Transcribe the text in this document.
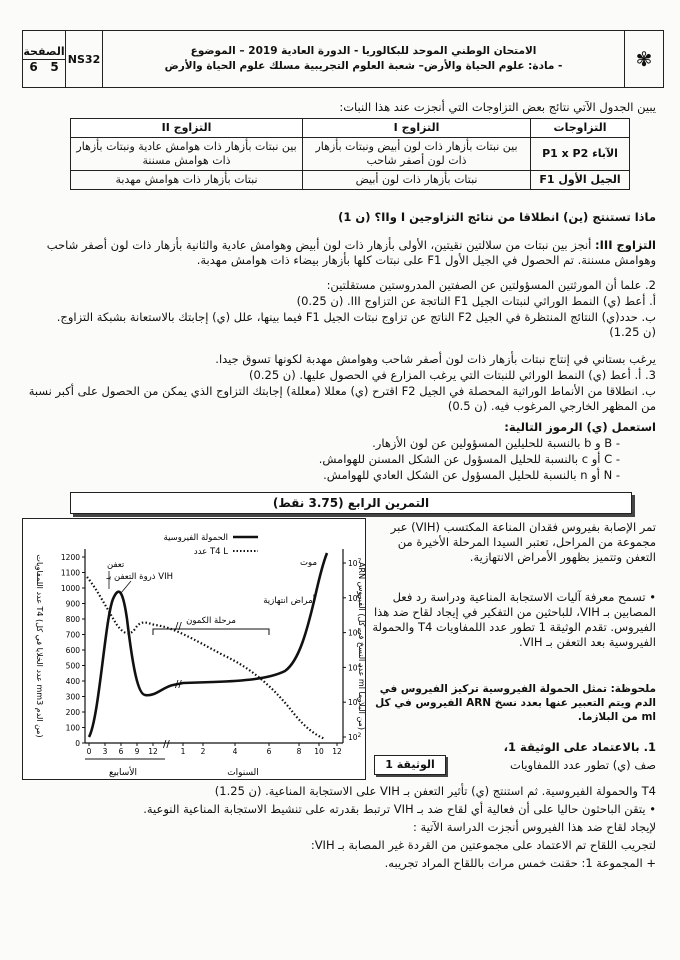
الصفحة
6 5
NS32
الامتحان الوطني الموحد للبكالوريا - الدورة العادية 2019 – الموضوع
- مادة: علوم الحياة والأرض– شعبة العلوم التجريبية مسلك علوم الحياة والأرض	✾
يبين الجدول الآتي نتائج بعض التزاوجات التي أنجزت عند هذا النبات:
التزاوجات	التزاوج I	التزاوج II
الآباء P1 x P2	بين نبتات بأزهار ذات لون أبيض ونبتات بأزهار ذات لون أصفر شاحب	بين نبتات بأزهار ذات هوامش عادية ونبتات بأزهار ذات هوامش مسننة
الجيل الأول F1	نبتات بأزهار ذات لون أبيض	نبتات بأزهار ذات هوامش مهدبة
ماذا تستنتج (ين) انطلاقا من نتائج التزاوجين I وII؟ (1 ن)
التزاوج III: أنجز بين نبتات من سلالتين نقيتين، الأولى بأزهار ذات لون أبيض وهوامش عادية والثانية بأزهار ذات لون أصفر شاحب وهوامش مسننة. تم الحصول في الجيل الأول F1 على نبتات كلها بأزهار بيضاء ذات هوامش مهدبة.
2. علما أن المورثتين المسؤولتين عن الصفتين المدروستين مستقلتين:
أ. أعط (ي) النمط الوراثي لنبتات الجيل F1 الناتجة عن التزاوج III. (0.25 ن)
ب. حدد(ي) النتائج المنتظرة في الجيل F2 الناتج عن تزاوج نبتات الجيل F1 فيما بينها، علل (ي) إجابتك بالاستعانة بشبكة التزاوج. (1.25 ن)
يرغب بستاني في إنتاج نبتات بأزهار ذات لون أصفر شاحب وهوامش مهدبة لكونها تسوق جيدا.
3. أ. أعط (ي) النمط الوراثي للنبتات التي يرغب المزارع في الحصول عليها. (0.25 ن)
ب. انطلاقا من الأنماط الوراثية المحصلة في الجيل F2 اقترح (ي) معللا (معللة) إجابتك التزاوج الذي يمكن من الحصول على أكبر نسبة من المظهر الخارجي المرغوب فيه. (0.5 ن)
استعمل (ي) الرموز التالية:
- B و b بالنسبة للحليلين المسؤولين عن لون الأزهار.
- C أو c بالنسبة للحليل المسؤول عن الشكل المسنن للهوامش.
- N أو n بالنسبة للحليل المسؤول عن الشكل العادي للهوامش.
التمرين الرابع (3.75 نقط)
0
100
200
300
400
500
600
700
800
900
1000
1100
1200
$10^2$
$10^3$
$10^4$
$10^5$
$10^6$
$10^7$
0 3 6 9 12	1 2	4	6	8 10 12
عدد اللمفاويات T4 (عدد الخلايا في كل mm3 من الدم)
ARN الفيروس (عدد النسخ في كل ml من البلازما)
الأسابيع	السنوات
الحمولة الفيروسية
عدد T4 L
//
//
//
تعفن
ذروة التعفن بـ VIH
مرحلة الكمون
أمراض انتهازية
موت
الوثيقة 1
تمر الإصابة بفيروس فقدان المناعة المكتسب (VIH) عبر مجموعة من المراحل، تعتبر السيدا المرحلة الأخيرة من التعفن وتتميز بظهور الأمراض الانتهازية.
• تسمح معرفة آليات الاستجابة المناعية ودراسة رد فعل المصابين بـ VIH، للباحثين من التفكير في إيجاد لقاح ضد هذا الفيروس. تقدم الوثيقة 1 تطور عدد اللمفاويات T4 والحمولة الفيروسية بعد التعفن بـ VIH.
ملحوظة: تمثل الحمولة الفيروسية تركيز الفيروس في الدم ويتم التعبير عنها بعدد نسخ ARN الفيروس في كل ml من البلازما.
1. بالاعتماد على الوثيقة 1،
صف (ي) تطور عدد اللمفاويات
T4 والحمولة الفيروسية. ثم استنتج (ي) تأثير التعفن بـ VIH على الاستجابة المناعية. (1.25 ن)
• يتقن الباحثون حاليا على أن فعالية أي لقاح ضد بـ VIH ترتبط بقدرته على تنشيط الاستجابة المناعية النوعية.
لإيجاد لقاح ضد هذا الفيروس أنجزت الدراسة الآتية :
لتجريب اللقاح تم الاعتماد على مجموعتين من القردة غير المصابة بـ VIH:
+ المجموعة 1: حقنت خمس مرات باللقاح المراد تجريبه.
